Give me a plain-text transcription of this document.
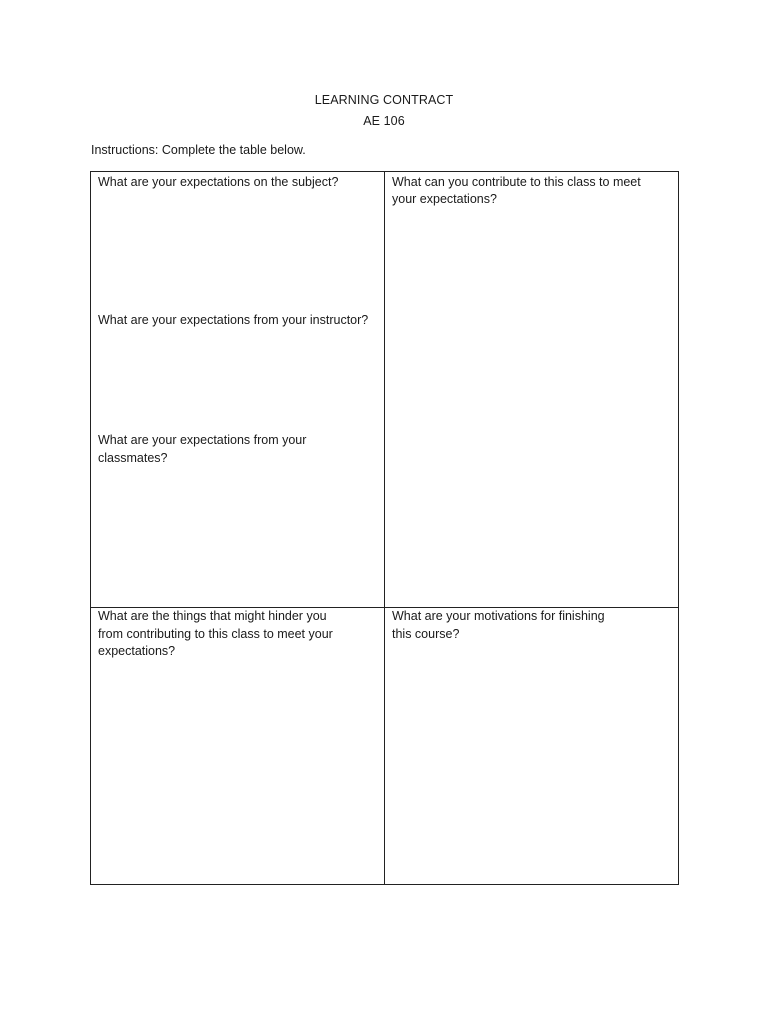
LEARNING CONTRACT
AE 106
Instructions: Complete the table below.
What are your expectations on the subject?
What are your expectations from your instructor?
What are your expectations from your
classmates?
What can you contribute to this class to meet
your expectations?
What are the things that might hinder you
from contributing to this class to meet your
expectations?
What are your motivations for finishing
this course?
